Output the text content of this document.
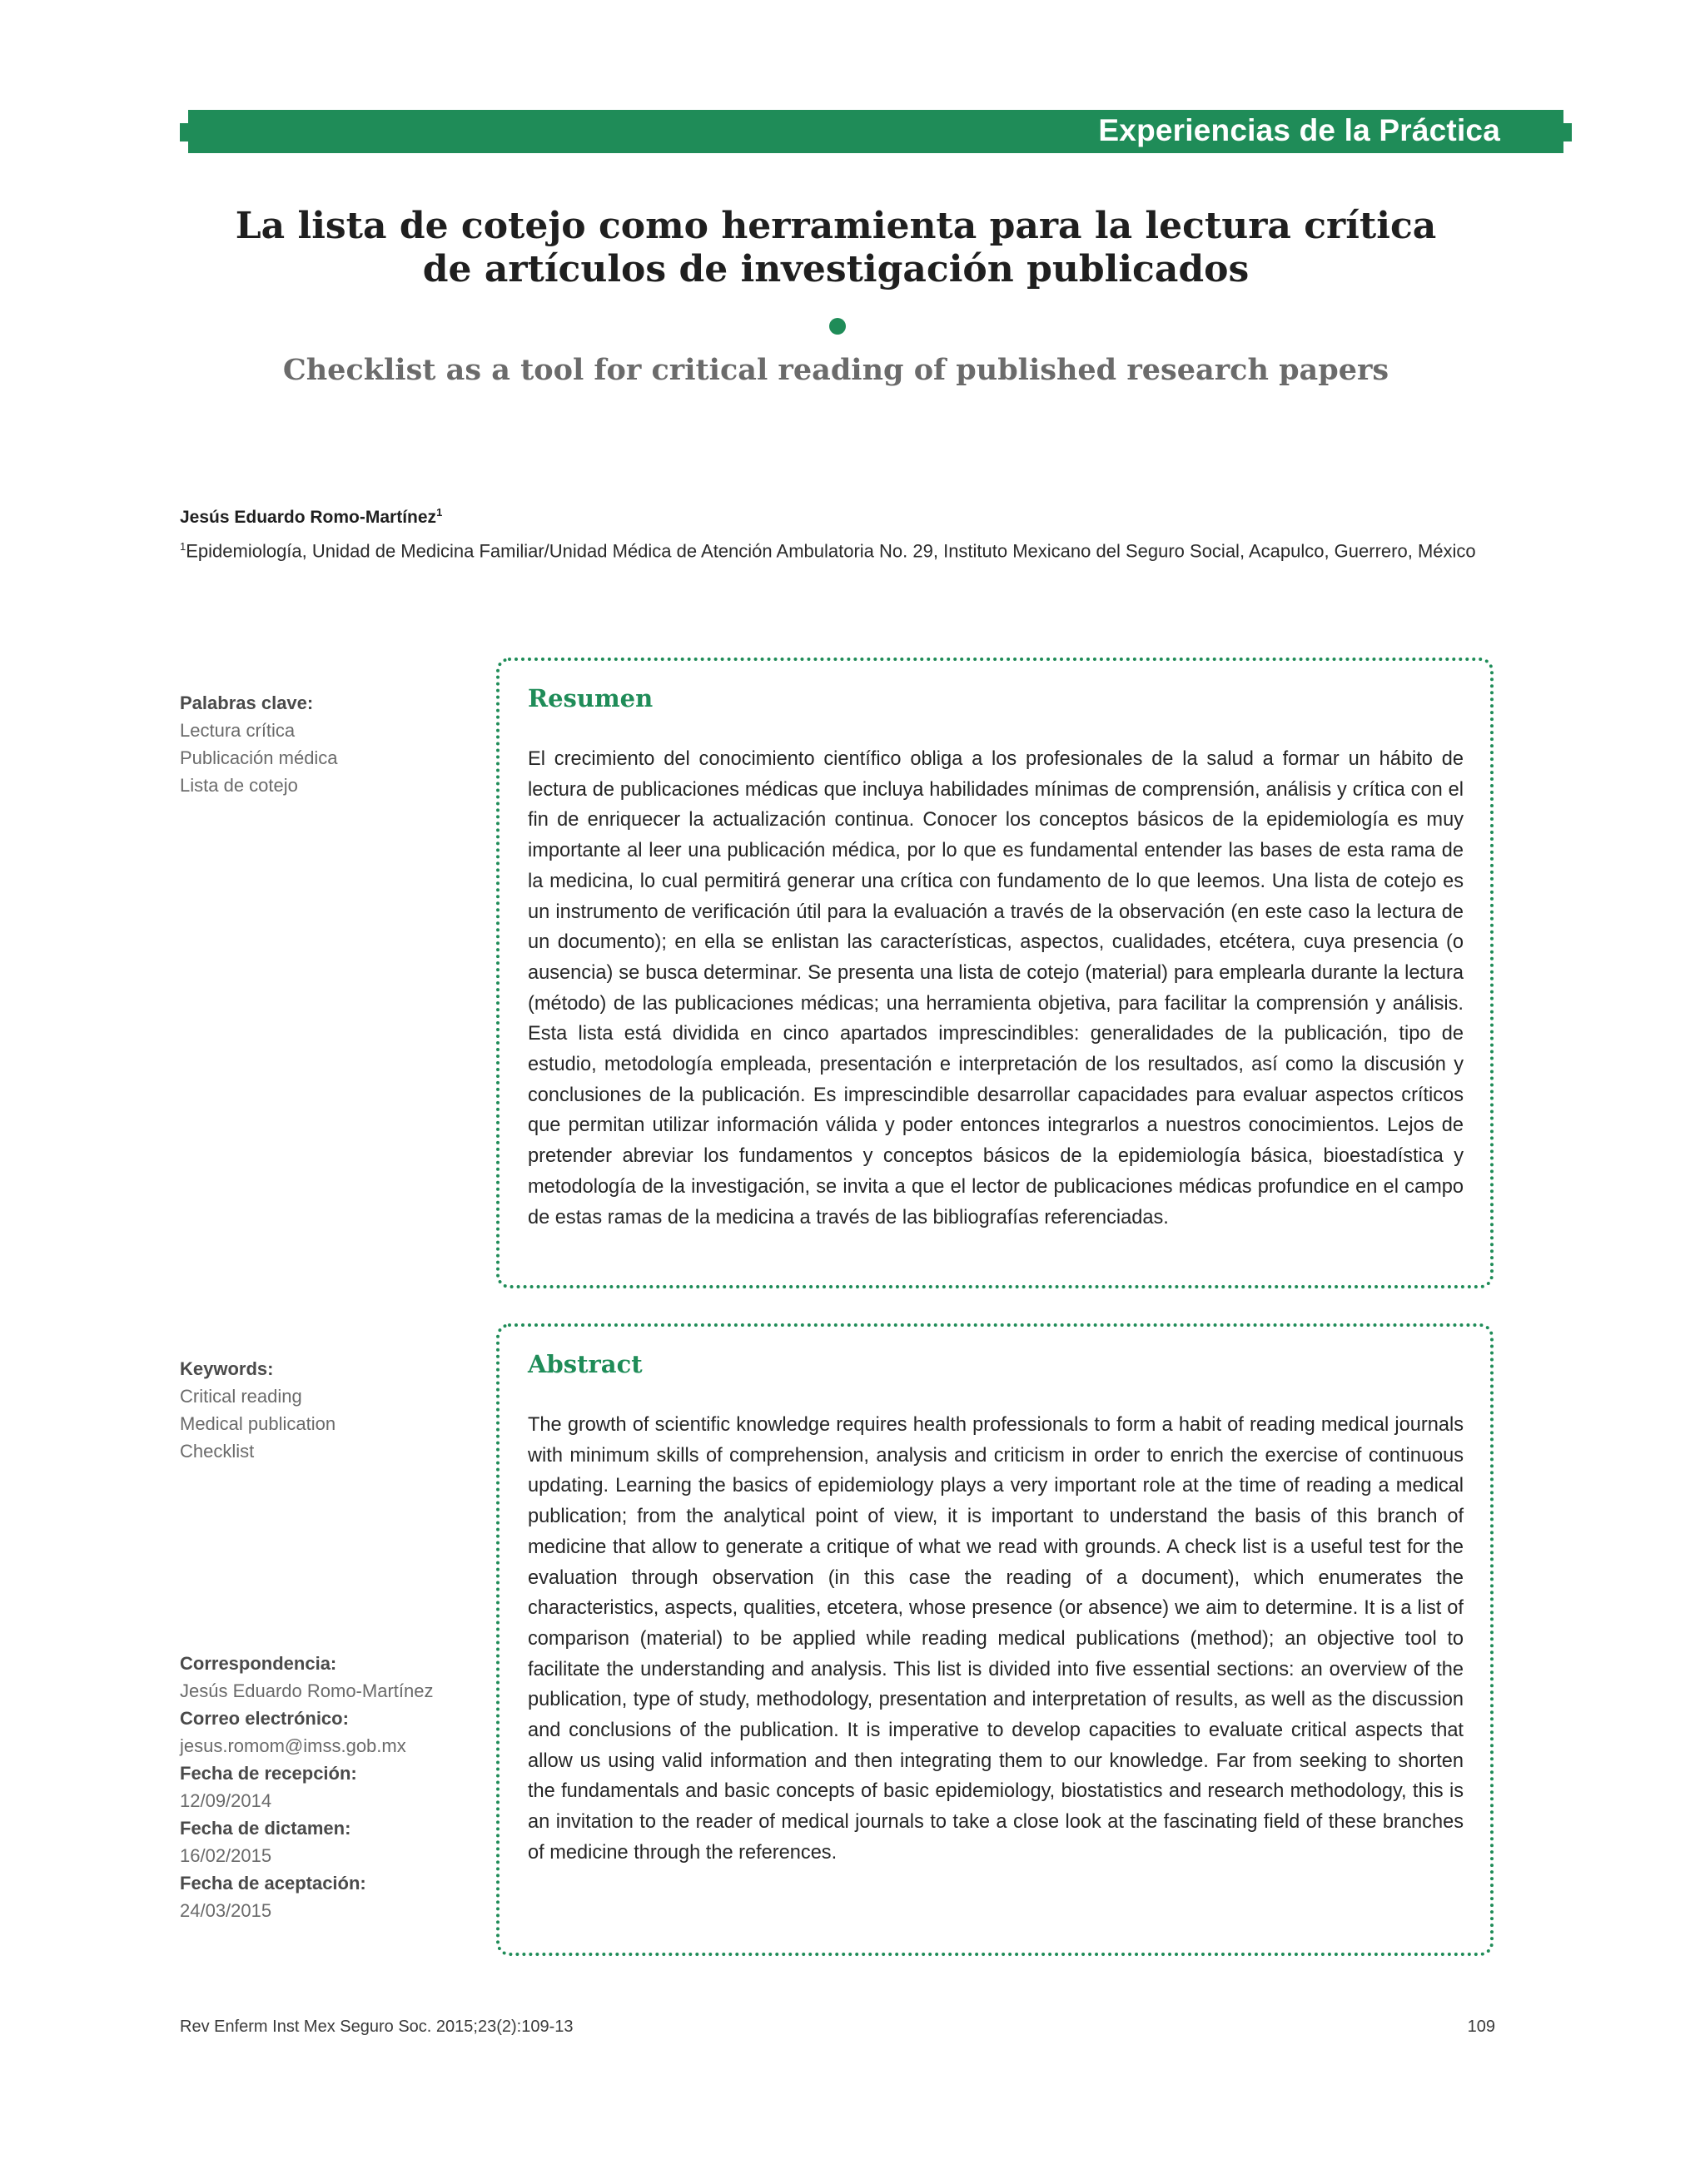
Experiencias de la Práctica
La lista de cotejo como herramienta para la lectura crítica
de artículos de investigación publicados
Checklist as a tool for critical reading of published research papers
Jesús Eduardo Romo-Martínez$^1$
$^1$Epidemiología, Unidad de Medicina Familiar/Unidad Médica de Atención Ambulatoria No. 29, Instituto Mexicano del Seguro Social, Acapulco, Guerrero, México
Palabras clave:
Lectura crítica
Publicación médica
Lista de cotejo
Keywords:
Critical reading
Medical publication
Checklist
Correspondencia:
Jesús Eduardo Romo-Martínez
Correo electrónico:
jesus.romom@imss.gob.mx
Fecha de recepción:
12/09/2014
Fecha de dictamen:
16/02/2015
Fecha de aceptación:
24/03/2015
Resumen

El crecimiento del conocimiento científico obliga a los profesionales de la salud a formar un hábito de lectura de publicaciones médicas que incluya habilidades mínimas de comprensión, análisis y crítica con el fin de enriquecer la actualización continua. Conocer los conceptos básicos de la epidemiología es muy importante al leer una publicación médica, por lo que es fundamental entender las bases de esta rama de la medicina, lo cual permitirá generar una crítica con fundamento de lo que leemos. Una lista de cotejo es un instrumento de verificación útil para la evaluación a través de la observación (en este caso la lectura de un documento); en ella se enlistan las características, aspectos, cualidades, etcétera, cuya presencia (o ausencia) se busca determinar. Se presenta una lista de cotejo (material) para emplearla durante la lectura (método) de las publicaciones médicas; una herramienta objetiva, para facilitar la comprensión y análisis. Esta lista está dividida en cinco apartados imprescindibles: generalidades de la publicación, tipo de estudio, metodología empleada, presentación e interpretación de los resultados, así como la discusión y conclusiones de la publicación. Es imprescindible desarrollar capacidades para evaluar aspectos críticos que permitan utilizar información válida y poder entonces integrarlos a nuestros conocimientos. Lejos de pretender abreviar los fundamentos y conceptos básicos de la epidemiología básica, bioestadística y metodología de la investigación, se invita a que el lector de publicaciones médicas profundice en el campo de estas ramas de la medicina a través de las bibliografías referenciadas.

Abstract

The growth of scientific knowledge requires health professionals to form a habit of reading medical journals with minimum skills of comprehension, analysis and criticism in order to enrich the exercise of continuous updating. Learning the basics of epidemiology plays a very important role at the time of reading a medical publication; from the analytical point of view, it is important to understand the basis of this branch of medicine that allow to generate a critique of what we read with grounds. A check list is a useful test for the evaluation through observation (in this case the reading of a document), which enumerates the characteristics, aspects, qualities, etcetera, whose presence (or absence) we aim to determine. It is a list of comparison (material) to be applied while reading medical publications (method); an objective tool to facilitate the understanding and analysis. This list is divided into five essential sections: an overview of the publication, type of study, methodology, presentation and interpretation of results, as well as the discussion and conclusions of the publication. It is imperative to develop capacities to evaluate critical aspects that allow us using valid information and then integrating them to our knowledge. Far from seeking to shorten the fundamentals and basic concepts of basic epidemiology, biostatistics and research methodology, this is an invitation to the reader of medical journals to take a close look at the fascinating field of these branches of medicine through the references.

Rev Enferm Inst Mex Seguro Soc. 2015;23(2):109-13	109
